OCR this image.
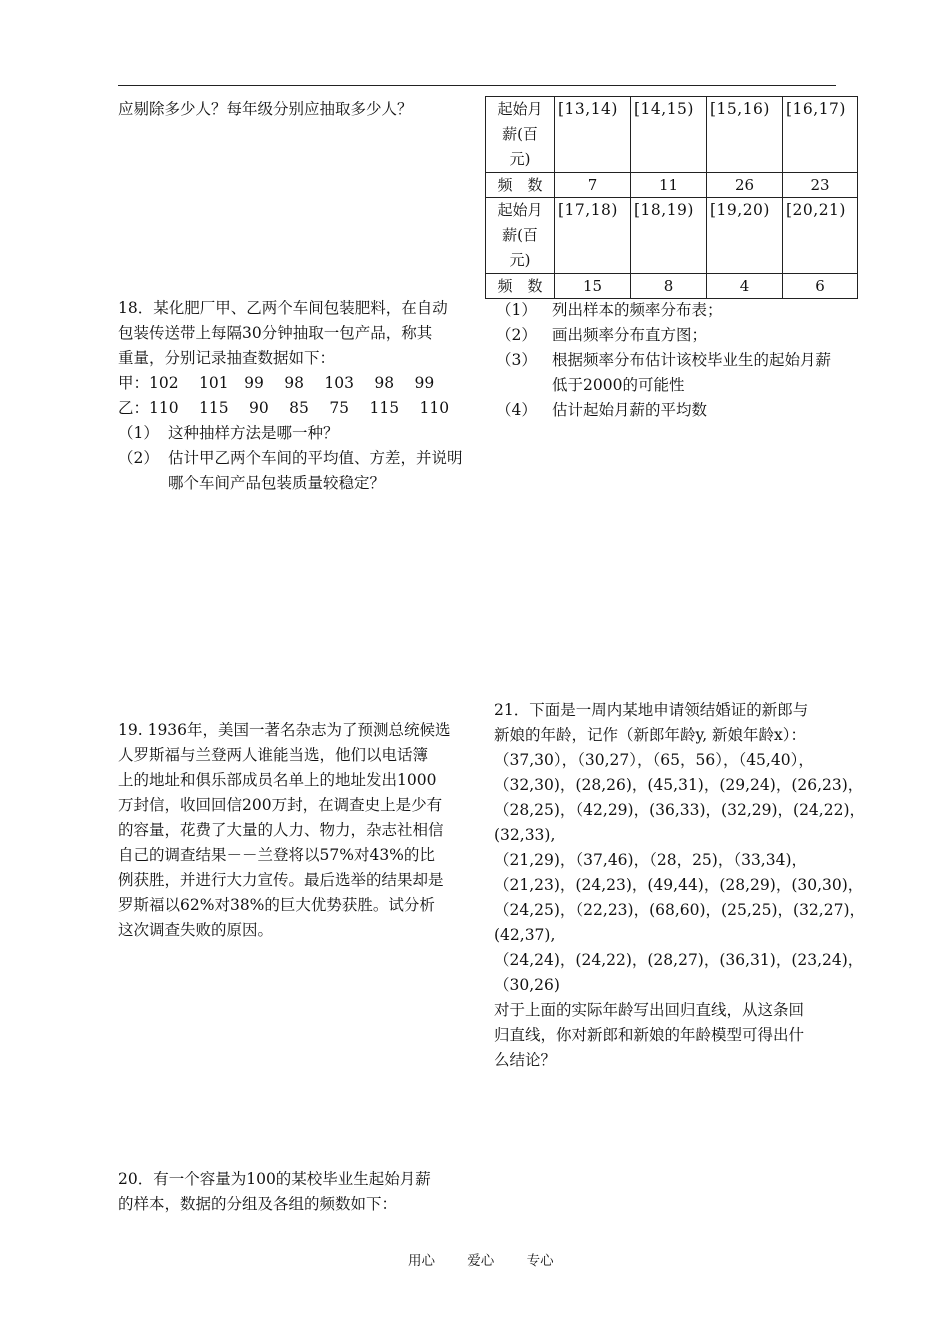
应剔除多少人？每年级分别应抽取多少人？
18．某化肥厂甲、乙两个车间包装肥料，在自动
包装传送带上每隔30分钟抽取一包产品，称其
重量，分别记录抽查数据如下：
甲：102　 101　99　 98　 103　 98　 99
乙：110　 115　 90　 85　 75　 115　 110
（1） 这种抽样方法是哪一种？
（2） 估计甲乙两个车间的平均值、方差，并说明哪个车间产品包装质量较稳定？
19. 1936年，美国一著名杂志为了预测总统候选
人罗斯福与兰登两人谁能当选，他们以电话簿
上的地址和俱乐部成员名单上的地址发出1000
万封信，收回回信200万封，在调查史上是少有
的容量，花费了大量的人力、物力，杂志社相信
自己的调查结果－－兰登将以57%对43%的比
例获胜，并进行大力宣传。最后选举的结果却是
罗斯福以62%对38%的巨大优势获胜。试分析
这次调查失败的原因。
20．有一个容量为100的某校毕业生起始月薪
的样本，数据的分组及各组的频数如下：
起始月
薪(百
元)	[13,14)	[14,15)	[15,16)	[16,17)
频　数	7	11	26	23

起始月
薪(百
元)	[17,18)	[18,19)	[19,20)	[20,21)
频　数	15	8	4	6
（1） 列出样本的频率分布表；
（2） 画出频率分布直方图；
（3） 根据频率分布估计该校毕业生的起始月薪低于2000的可能性
（4） 估计起始月薪的平均数
21．下面是一周内某地申请领结婚证的新郎与
新娘的年龄，记作（新郎年龄y, 新娘年龄x）：
（37,30），（30,27），（65，56），（45,40），
（32,30)，(28,26)，(45,31)，(29,24)，(26,23)，
（28,25)，（42,29)，(36,33)，(32,29)，(24,22)，
(32,33),
（21,29)，（37,46)，（28，25)，（33,34)，
（21,23)，(24,23)，(49,44)，(28,29)，(30,30)，
（24,25)，（22,23)，(68,60)，(25,25)，(32,27)，
(42,37),
（24,24)，(24,22)，(28,27)，(36,31)，(23,24)，
（30,26)
对于上面的实际年龄写出回归直线，从这条回
归直线，你对新郎和新娘的年龄模型可得出什
么结论？
用心 爱心 专心
